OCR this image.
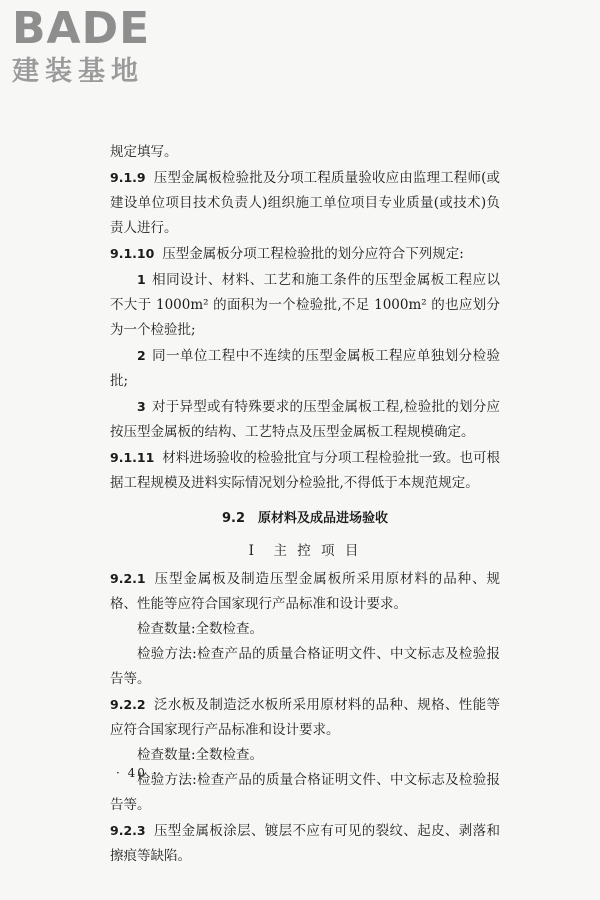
BADE
建装基地

规定填写。

9.1.9 压型金属板检验批及分项工程质量验收应由监理工程师(或建设单位项目技术负责人)组织施工单位项目专业质量(或技术)负责人进行。

9.1.10 压型金属板分项工程检验批的划分应符合下列规定:

1 相同设计、材料、工艺和施工条件的压型金属板工程应以不大于 1000m² 的面积为一个检验批,不足 1000m² 的也应划分为一个检验批;

2 同一单位工程中不连续的压型金属板工程应单独划分检验批;

3 对于异型或有特殊要求的压型金属板工程,检验批的划分应按压型金属板的结构、工艺特点及压型金属板工程规模确定。

9.1.11 材料进场验收的检验批宜与分项工程检验批一致。也可根据工程规模及进料实际情况划分检验批,不得低于本规范规定。

9.2　原材料及成品进场验收
Ⅰ　主 控 项 目

9.2.1 压型金属板及制造压型金属板所采用原材料的品种、规格、性能等应符合国家现行产品标准和设计要求。

检查数量:全数检查。

检验方法:检查产品的质量合格证明文件、中文标志及检验报告等。

9.2.2 泛水板及制造泛水板所采用原材料的品种、规格、性能等应符合国家现行产品标准和设计要求。

检查数量:全数检查。

检验方法:检查产品的质量合格证明文件、中文标志及检验报告等。

9.2.3 压型金属板涂层、镀层不应有可见的裂纹、起皮、剥落和擦痕等缺陷。

· 40 ·
